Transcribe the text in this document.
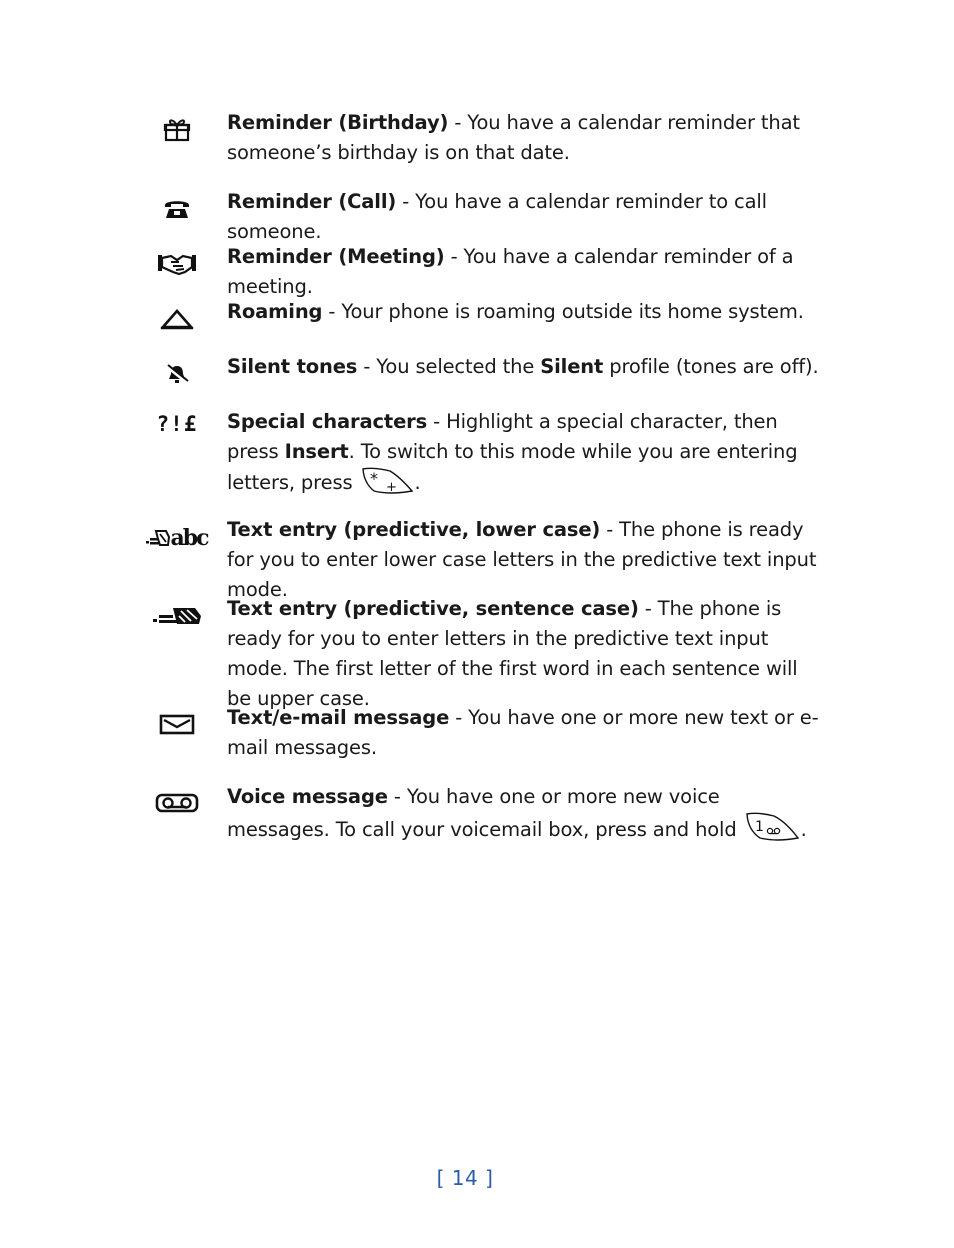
Reminder (Birthday) - You have a calendar reminder that someone’s birthday is on that date.
Reminder (Call) - You have a calendar reminder to call someone.
Reminder (Meeting) - You have a calendar reminder of a meeting.
Roaming - Your phone is roaming outside its home system.
Silent tones - You selected the Silent profile (tones are off).
?!£ Special characters - Highlight a special character, then press Insert. To switch to this mode while you are entering letters, press * + .
abc Text entry (predictive, lower case) - The phone is ready for you to enter lower case letters in the predictive text input mode.
Text entry (predictive, sentence case) - The phone is ready for you to enter letters in the predictive text input mode. The first letter of the first word in each sentence will be upper case.
Text/e-mail message - You have one or more new text or e-mail messages.
Voice message - You have one or more new voice messages. To call your voicemail box, press and hold 1 .
[ 14 ]
